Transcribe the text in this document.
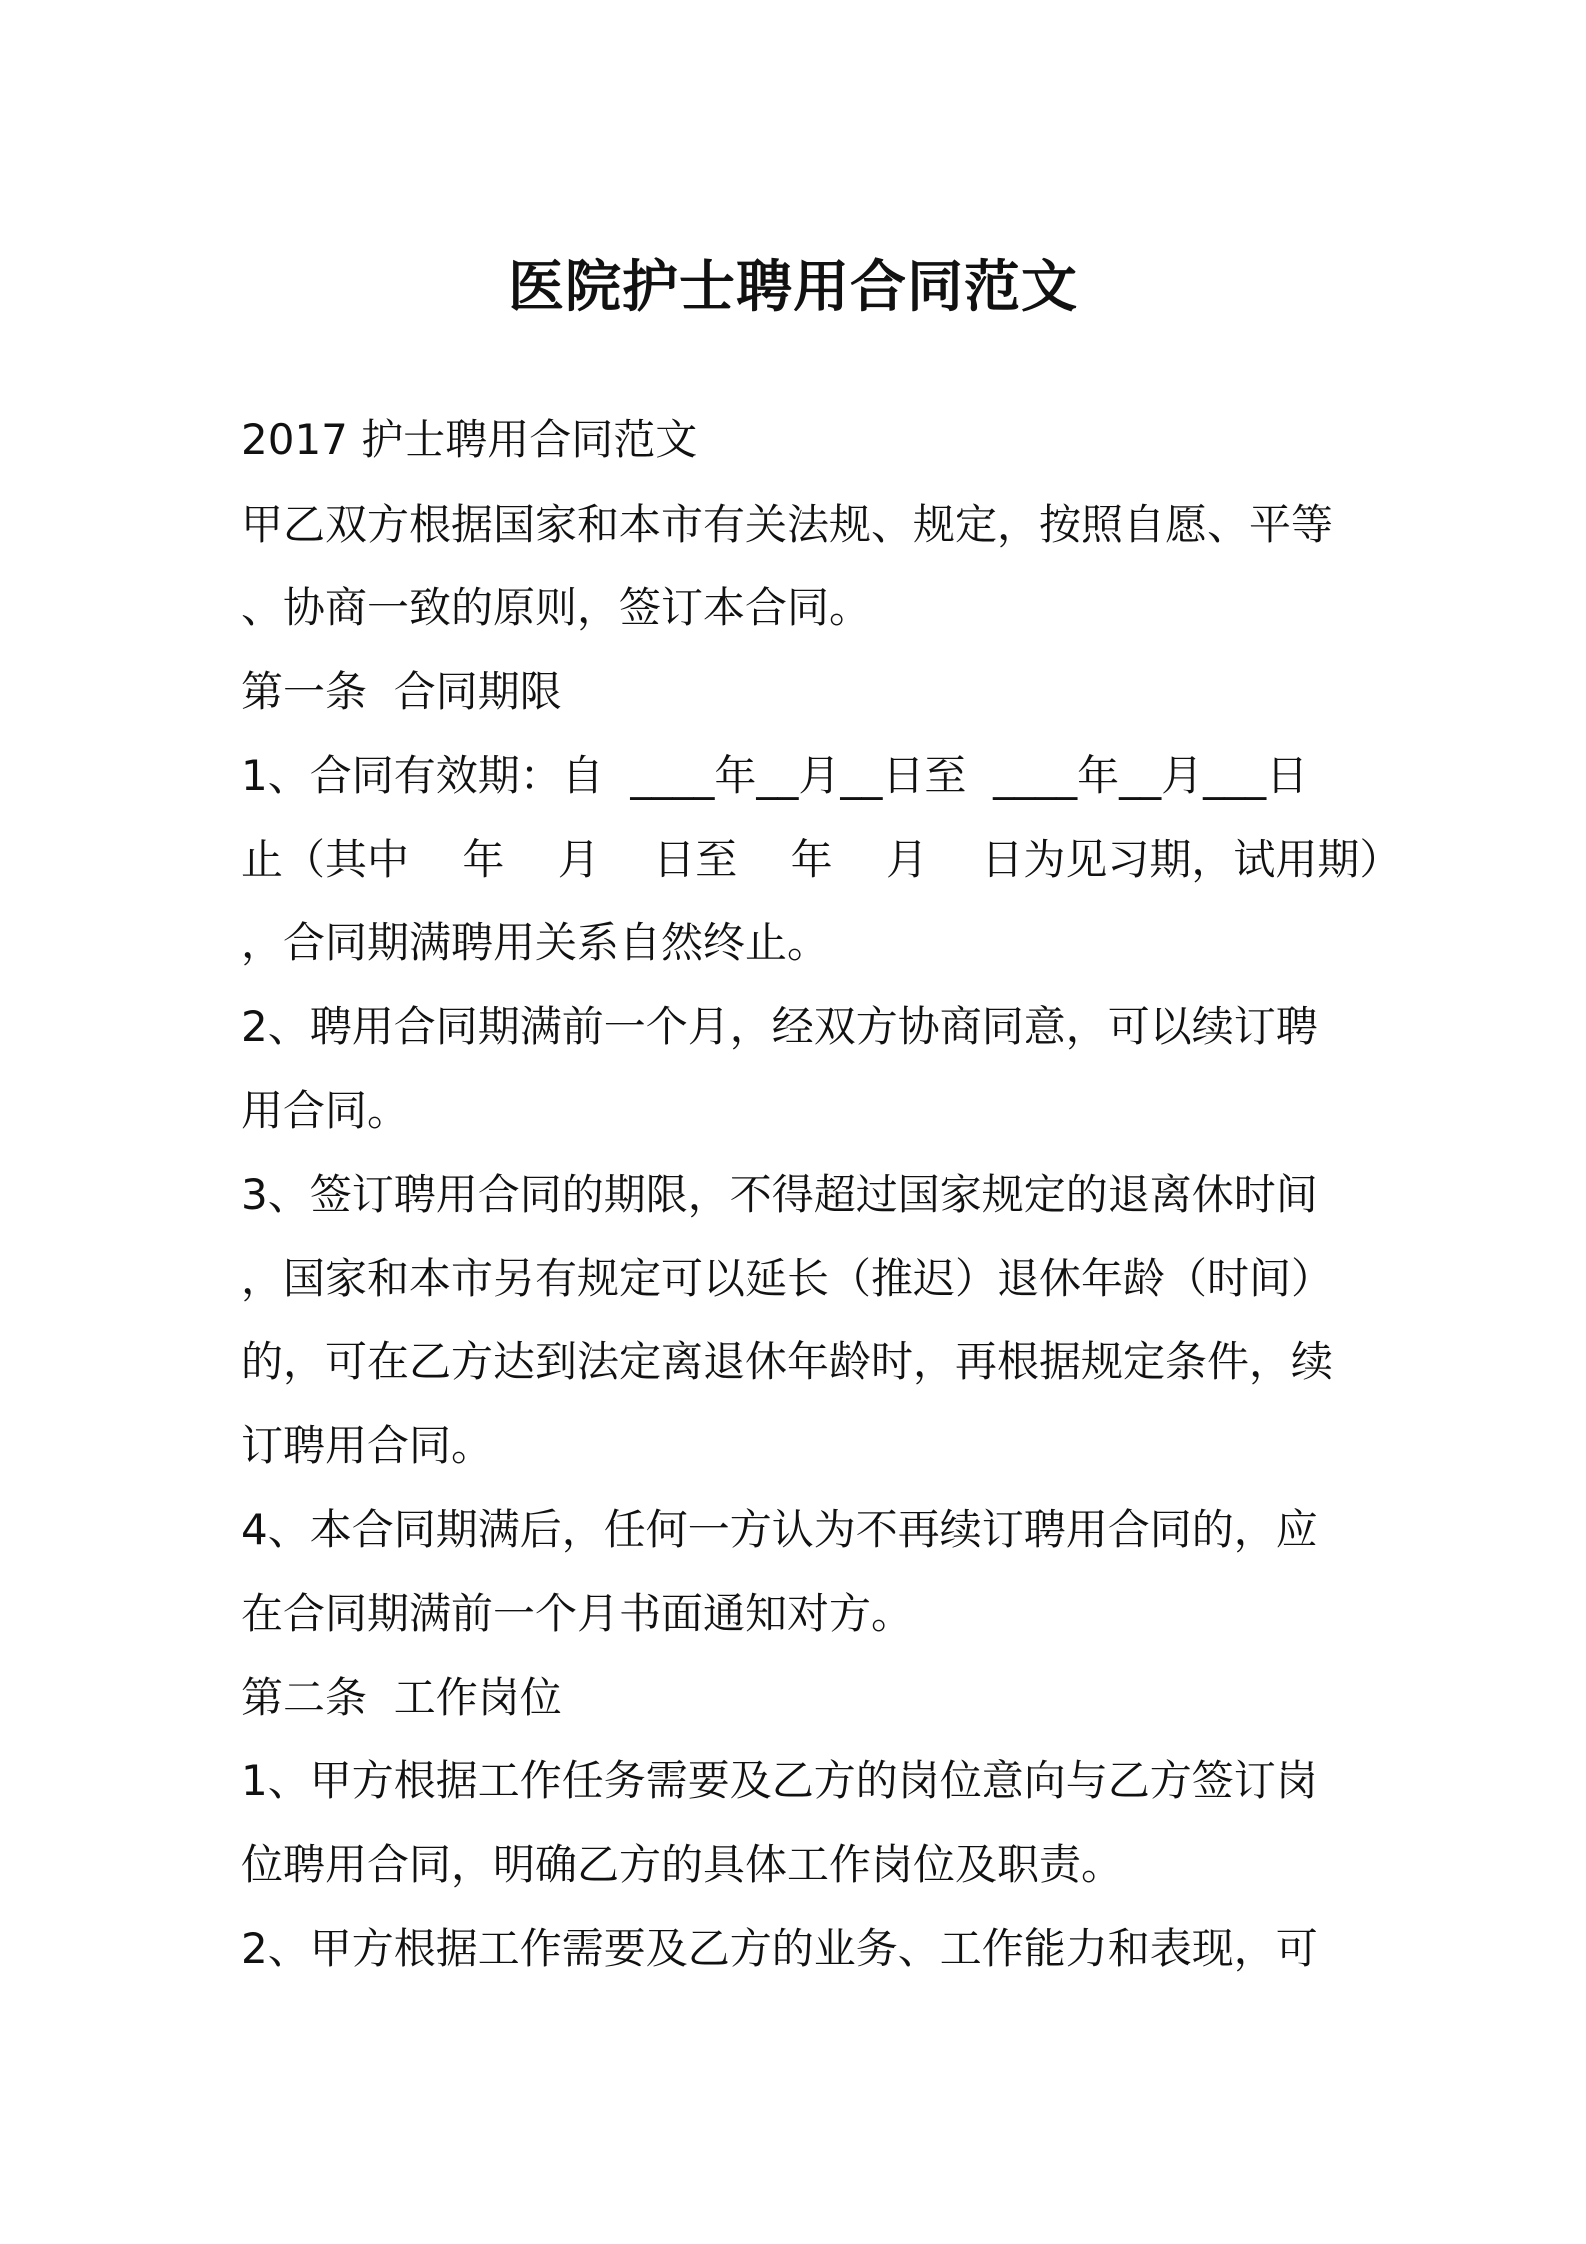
医院护士聘用合同范文
2017 护士聘用合同范文
甲乙双方根据国家和本市有关法规、规定，按照自愿、平等
、协商一致的原则，签订本合同。
第一条  合同期限
1、合同有效期：自  ____年__月__日至  ____年__月___日
止（其中    年    月    日至    年    月    日为见习期，试用期）
，合同期满聘用关系自然终止。
2、聘用合同期满前一个月，经双方协商同意，可以续订聘
用合同。
3、签订聘用合同的期限，不得超过国家规定的退离休时间
，国家和本市另有规定可以延长（推迟）退休年龄（时间）
的，可在乙方达到法定离退休年龄时，再根据规定条件，续
订聘用合同。
4、本合同期满后，任何一方认为不再续订聘用合同的，应
在合同期满前一个月书面通知对方。
第二条  工作岗位
1、甲方根据工作任务需要及乙方的岗位意向与乙方签订岗
位聘用合同，明确乙方的具体工作岗位及职责。
2、甲方根据工作需要及乙方的业务、工作能力和表现，可
